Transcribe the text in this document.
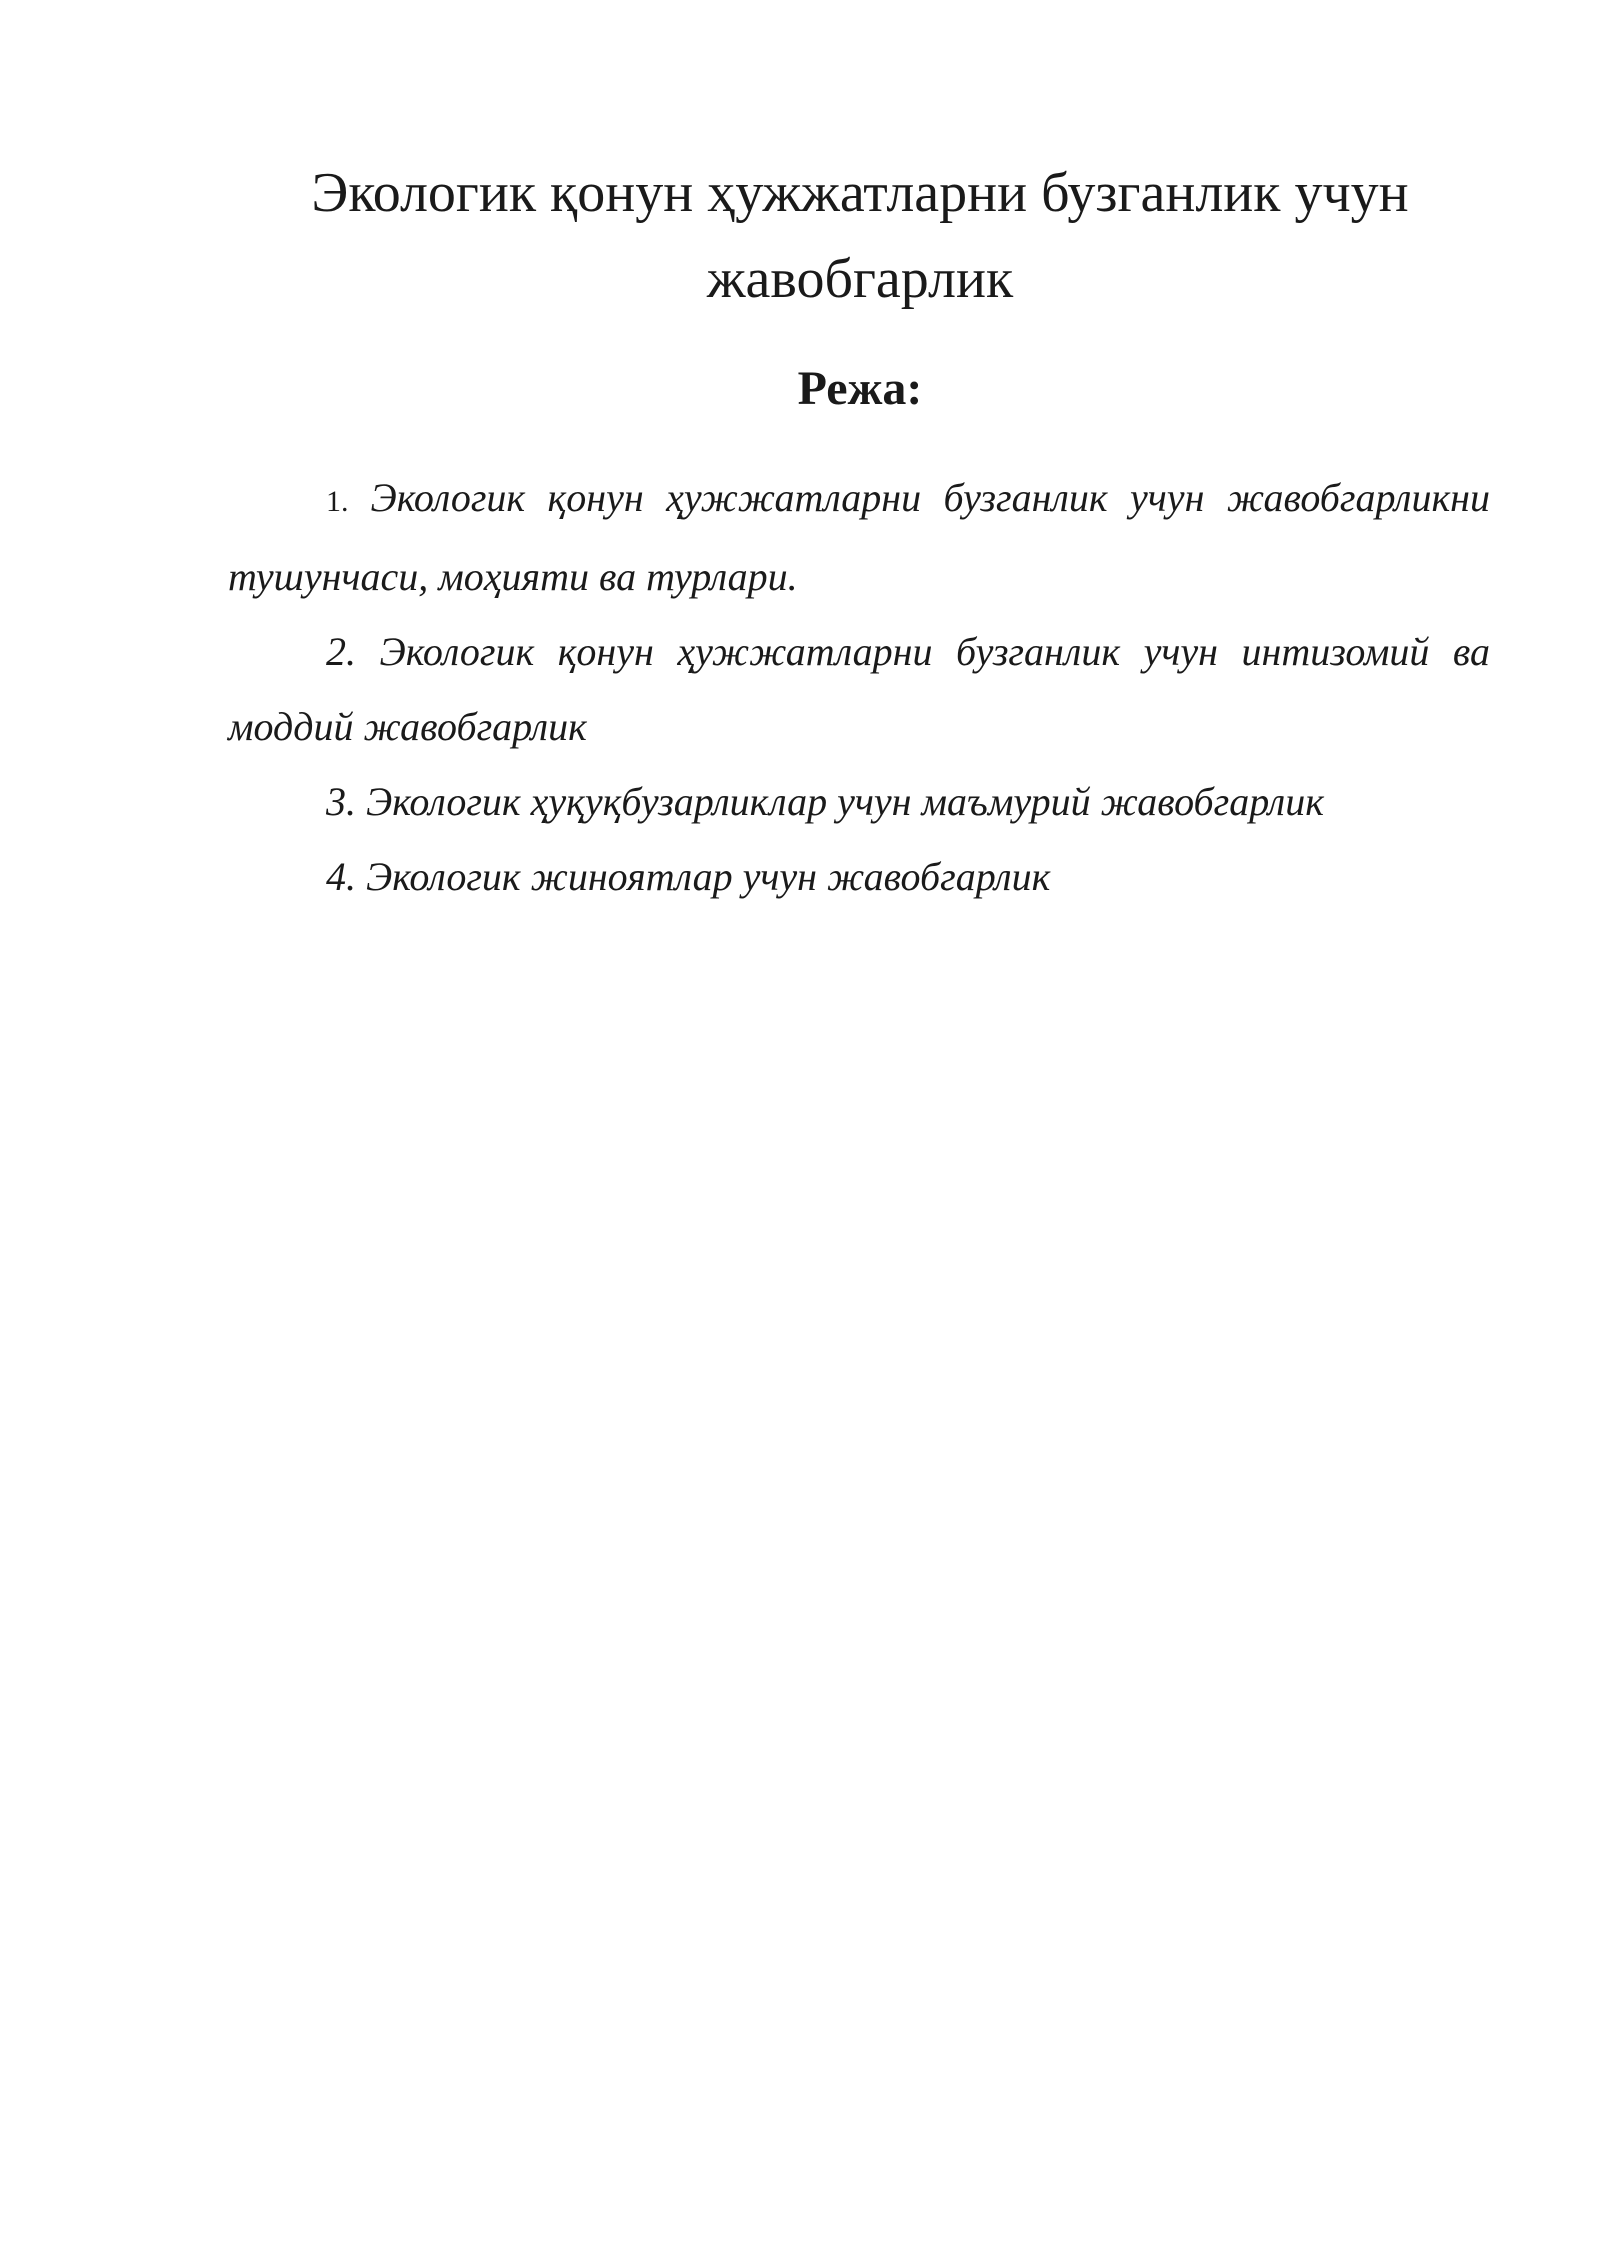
Экологик қонун ҳужжатларни бузганлик учун жавобгарлик
Режа:

1. Экологик қонун ҳужжатларни бузганлик учун жавобгарликни тушунчаси, моҳияти ва турлари.

2. Экологик қонун ҳужжатларни бузганлик учун интизомий ва моддий жавобгарлик

3. Экологик ҳуқуқбузарликлар учун маъмурий жавобгарлик

4. Экологик жиноятлар учун жавобгарлик
